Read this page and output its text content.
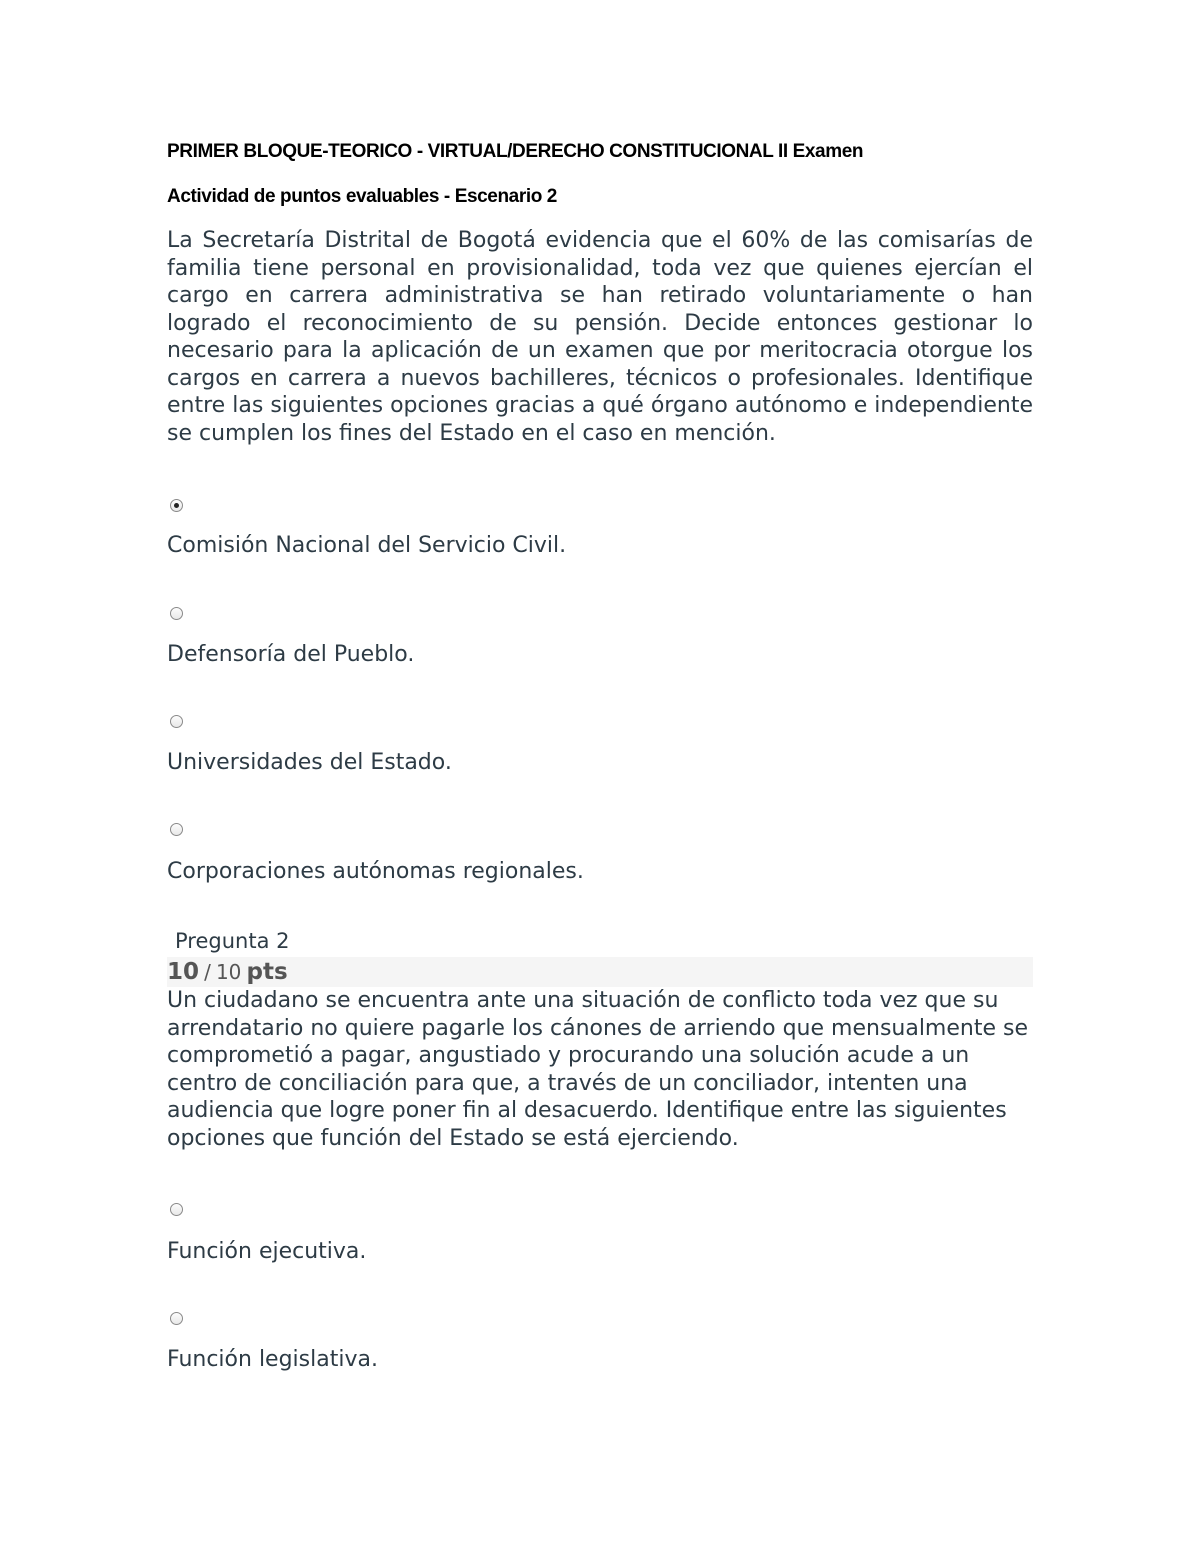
PRIMER BLOQUE-TEORICO - VIRTUAL/DERECHO CONSTITUCIONAL II Examen
Actividad de puntos evaluables - Escenario 2
La Secretaría Distrital de Bogotá evidencia que el 60% de las comisarías de familia tiene personal en provisionalidad, toda vez que quienes ejercían el cargo en carrera administrativa se han retirado voluntariamente o han logrado el reconocimiento de su pensión. Decide entonces gestionar lo necesario para la aplicación de un examen que por meritocracia otorgue los cargos en carrera a nuevos bachilleres, técnicos o profesionales. Identifique entre las siguientes opciones gracias a qué órgano autónomo e independiente se cumplen los fines del Estado en el caso en mención.
Comisión Nacional del Servicio Civil.
Defensoría del Pueblo.
Universidades del Estado.
Corporaciones autónomas regionales.
Pregunta 2
10 / 10 pts
Un ciudadano se encuentra ante una situación de conflicto toda vez que su arrendatario no quiere pagarle los cánones de arriendo que mensualmente se comprometió a pagar, angustiado y procurando una solución acude a un centro de conciliación para que, a través de un conciliador, intenten una audiencia que logre poner fin al desacuerdo. Identifique entre las siguientes opciones que función del Estado se está ejerciendo.
Función ejecutiva.
Función legislativa.
